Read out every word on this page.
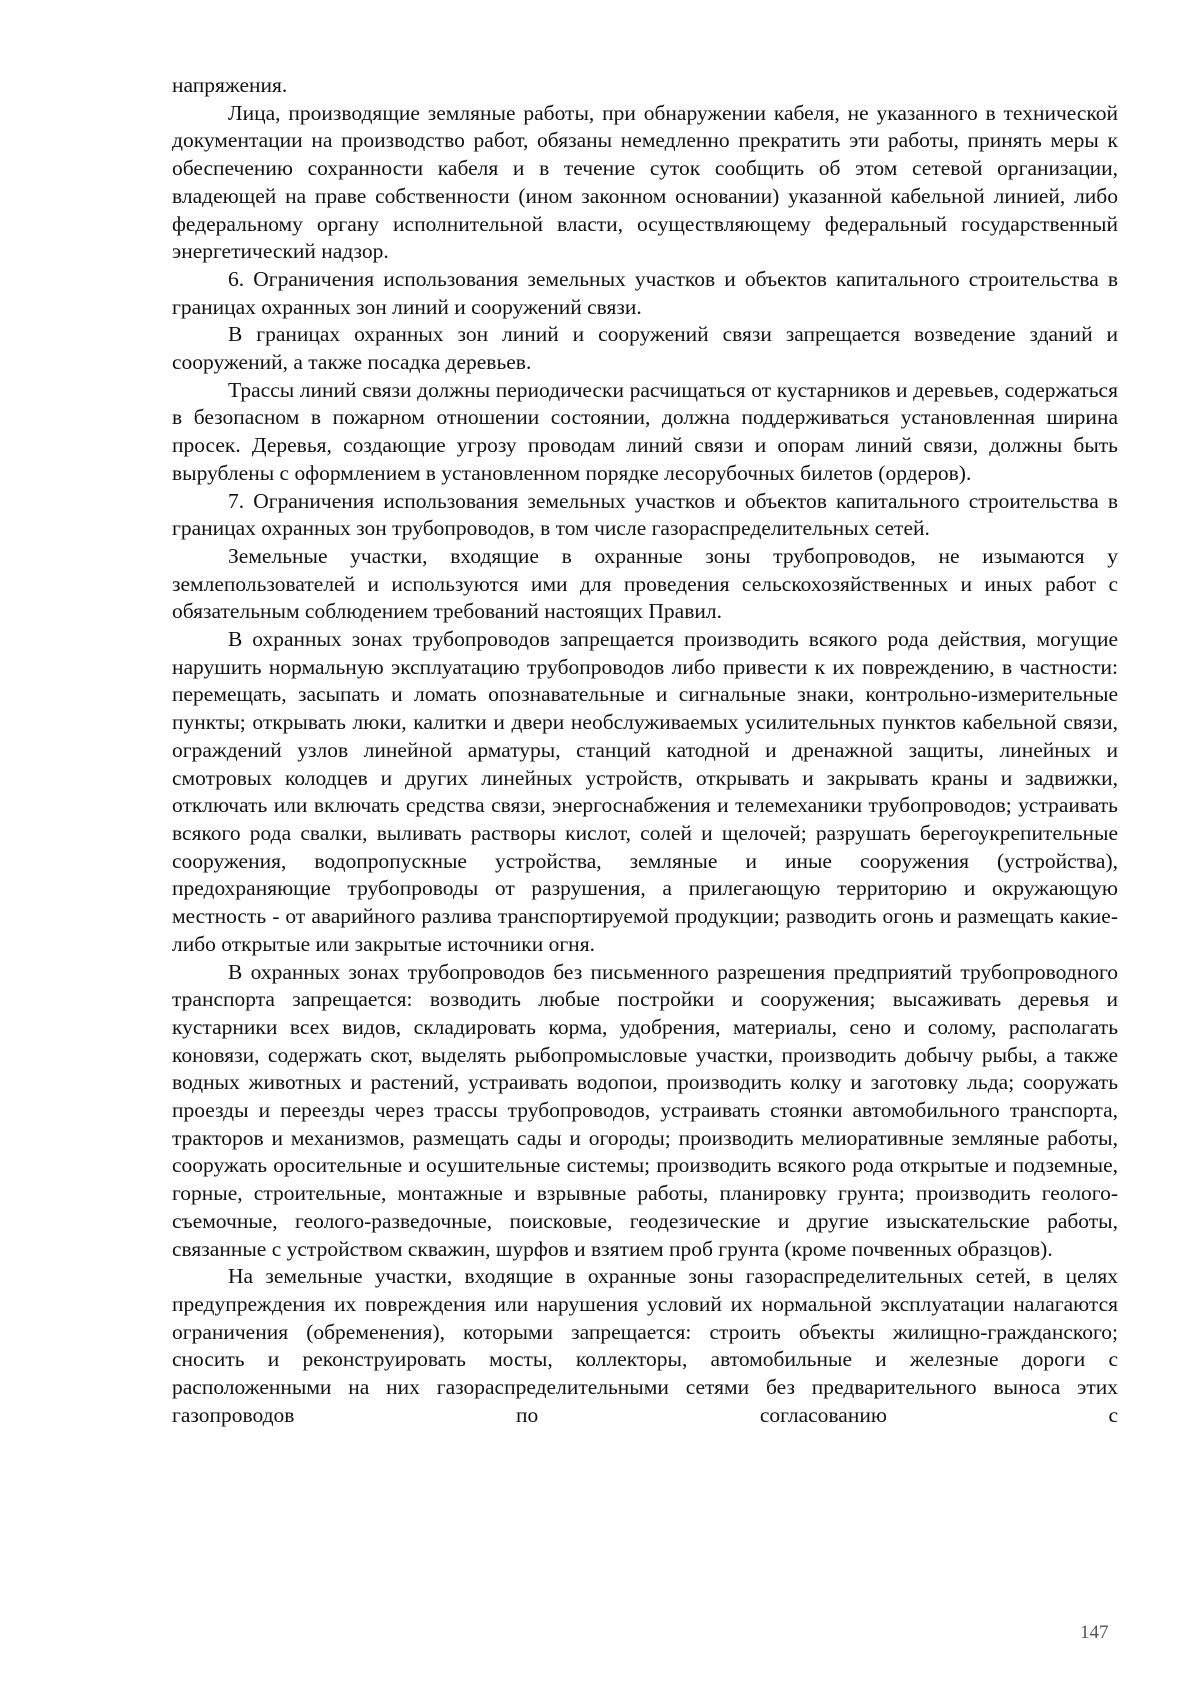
напряжения.

Лица, производящие земляные работы, при обнаружении кабеля, не указанного в технической документации на производство работ, обязаны немедленно прекратить эти работы, принять меры к обеспечению сохранности кабеля и в течение суток сообщить об этом сетевой организации, владеющей на праве собственности (ином законном основании) указанной кабельной линией, либо федеральному органу исполнительной власти, осуществляющему федеральный государственный энергетический надзор.

6. Ограничения использования земельных участков и объектов капитального строительства в границах охранных зон линий и сооружений связи.

В границах охранных зон линий и сооружений связи запрещается возведение зданий и сооружений, а также посадка деревьев.

Трассы линий связи должны периодически расчищаться от кустарников и деревьев, содержаться в безопасном в пожарном отношении состоянии, должна поддерживаться установленная ширина просек. Деревья, создающие угрозу проводам линий связи и опорам линий связи, должны быть вырублены с оформлением в установленном порядке лесорубочных билетов (ордеров).

7. Ограничения использования земельных участков и объектов капитального строительства в границах охранных зон трубопроводов, в том числе газораспределительных сетей.

Земельные участки, входящие в охранные зоны трубопроводов, не изымаются у землепользователей и используются ими для проведения сельскохозяйственных и иных работ с обязательным соблюдением требований настоящих Правил.

В охранных зонах трубопроводов запрещается производить всякого рода действия, могущие нарушить нормальную эксплуатацию трубопроводов либо привести к их повреждению, в частности: перемещать, засыпать и ломать опознавательные и сигнальные знаки, контрольно-измерительные пункты; открывать люки, калитки и двери необслуживаемых усилительных пунктов кабельной связи, ограждений узлов линейной арматуры, станций катодной и дренажной защиты, линейных и смотровых колодцев и других линейных устройств, открывать и закрывать краны и задвижки, отключать или включать средства связи, энергоснабжения и телемеханики трубопроводов; устраивать всякого рода свалки, выливать растворы кислот, солей и щелочей; разрушать берегоукрепительные сооружения, водопропускные устройства, земляные и иные сооружения (устройства), предохраняющие трубопроводы от разрушения, а прилегающую территорию и окружающую местность - от аварийного разлива транспортируемой продукции; разводить огонь и размещать какие-либо открытые или закрытые источники огня.

В охранных зонах трубопроводов без письменного разрешения предприятий трубопроводного транспорта запрещается: возводить любые постройки и сооружения; высаживать деревья и кустарники всех видов, складировать корма, удобрения, материалы, сено и солому, располагать коновязи, содержать скот, выделять рыбопромысловые участки, производить добычу рыбы, а также водных животных и растений, устраивать водопои, производить колку и заготовку льда; сооружать проезды и переезды через трассы трубопроводов, устраивать стоянки автомобильного транспорта, тракторов и механизмов, размещать сады и огороды; производить мелиоративные земляные работы, сооружать оросительные и осушительные системы; производить всякого рода открытые и подземные, горные, строительные, монтажные и взрывные работы, планировку грунта; производить геолого-съемочные, геолого-разведочные, поисковые, геодезические и другие изыскательские работы, связанные с устройством скважин, шурфов и взятием проб грунта (кроме почвенных образцов).

На земельные участки, входящие в охранные зоны газораспределительных сетей, в целях предупреждения их повреждения или нарушения условий их нормальной эксплуатации налагаются ограничения (обременения), которыми запрещается: строить объекты жилищно-гражданского; сносить и реконструировать мосты, коллекторы, автомобильные и железные дороги с расположенными на них газораспределительными сетями без предварительного выноса этих газопроводов по согласованию с

147
